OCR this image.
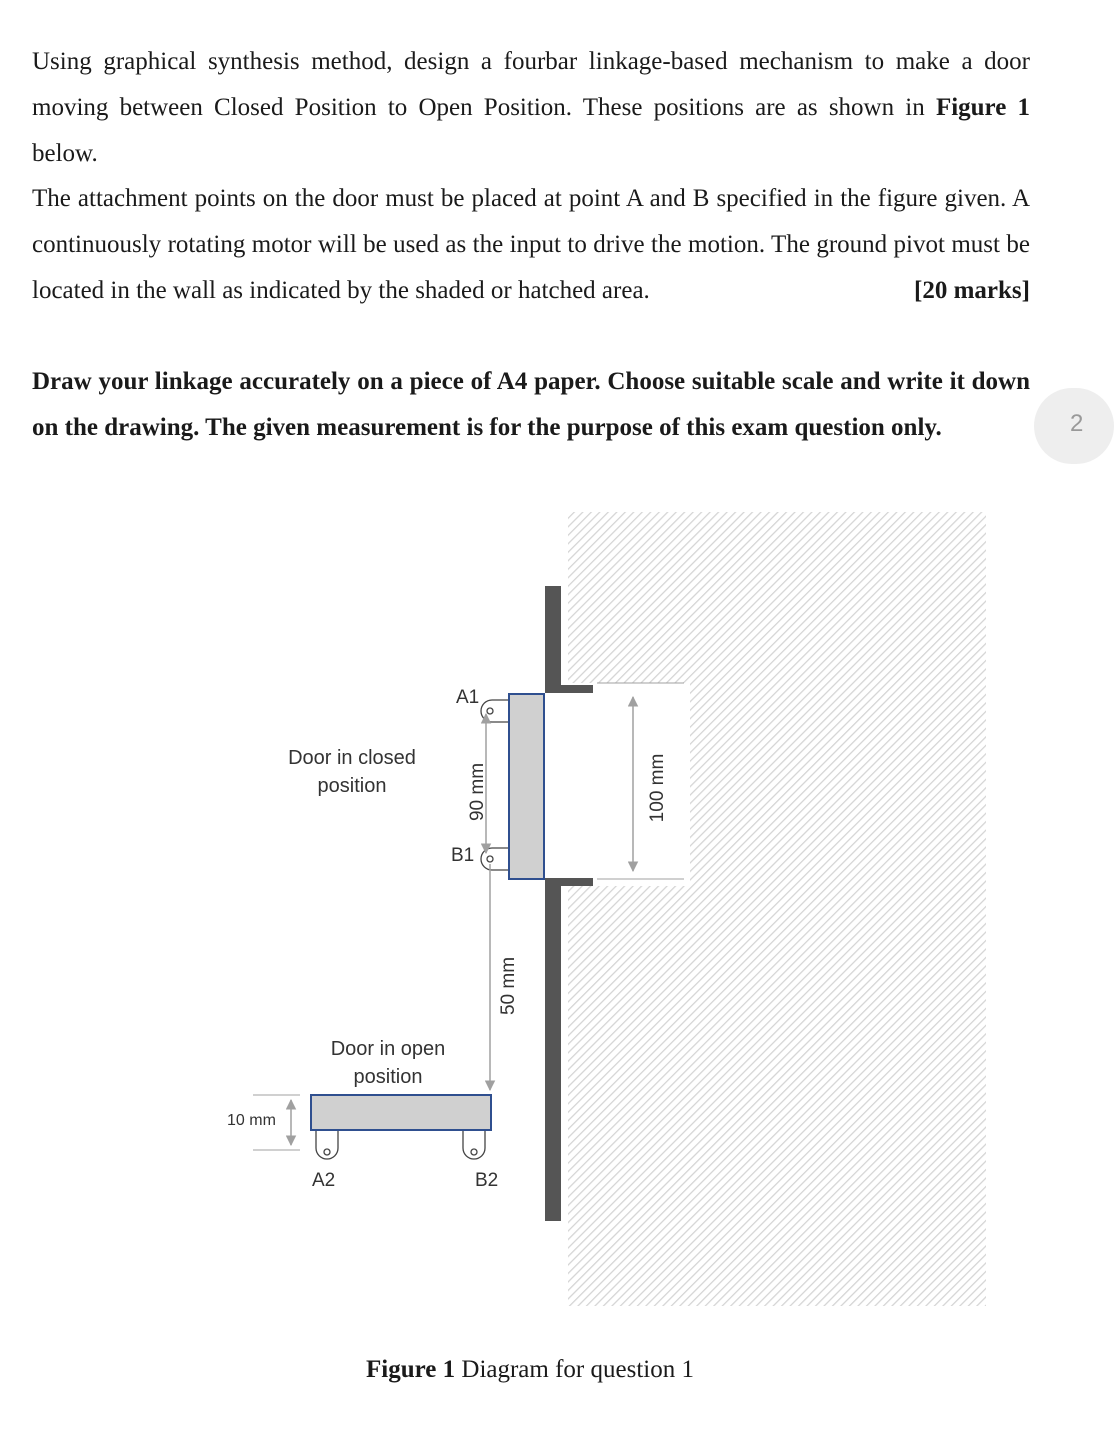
Using graphical synthesis method, design a fourbar linkage-based mechanism to make a door moving between Closed Position to Open Position. These positions are as shown in Figure 1 below.

The attachment points on the door must be placed at point A and B specified in the figure given. A continuously rotating motor will be used as the input to drive the motion. The ground pivot must be located in the wall as indicated by the shaded or hatched area.	[20 marks]

Draw your linkage accurately on a piece of A4 paper. Choose suitable scale and write it down on the drawing. The given measurement is for the purpose of this exam question only.	2
100 mm
90 mm
50 mm
A1
B1
Door in closed
position
Door in open
position
A2	B2
10 mm
Figure 1 Diagram for question 1
